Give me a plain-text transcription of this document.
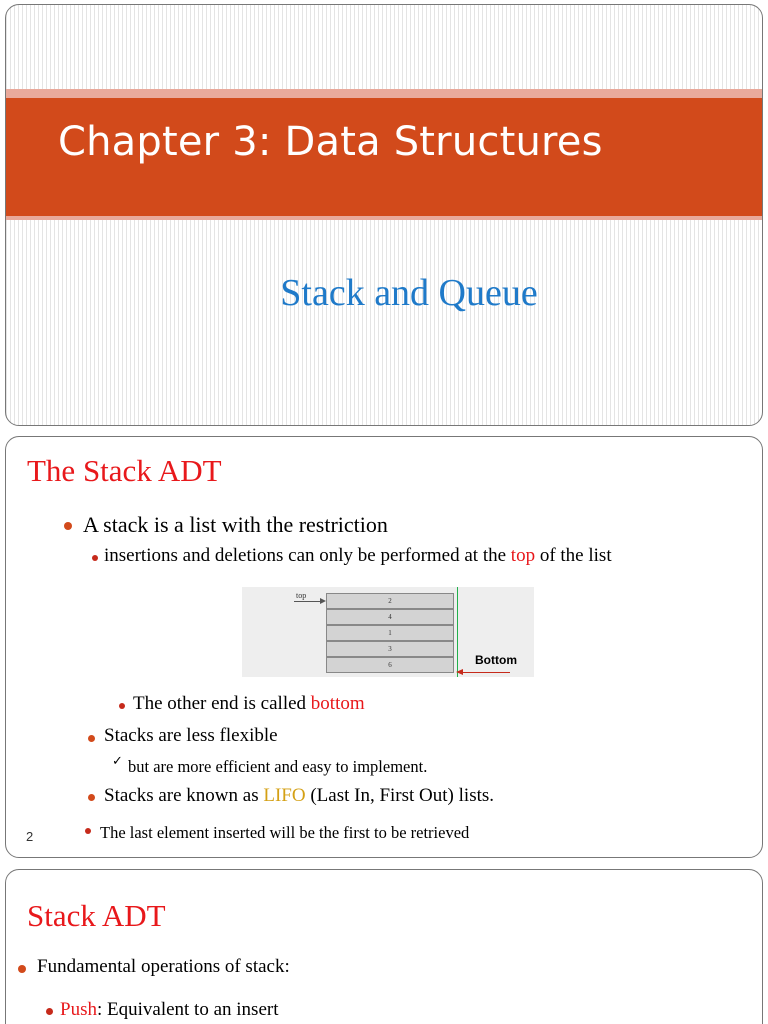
Chapter 3: Data Structures
Stack and Queue
The Stack ADT
A stack is a list with the restriction
insertions and deletions can only be performed at the top of the list
top
2
4
1
3
6	Bottom
The other end is called bottom
Stacks are less flexible
✓ but are more efficient and easy to implement.
Stacks are known as LIFO (Last In, First Out) lists.
The last element inserted will be the first to be retrieved
2
Stack ADT
Fundamental operations of stack:
Push: Equivalent to an insert
